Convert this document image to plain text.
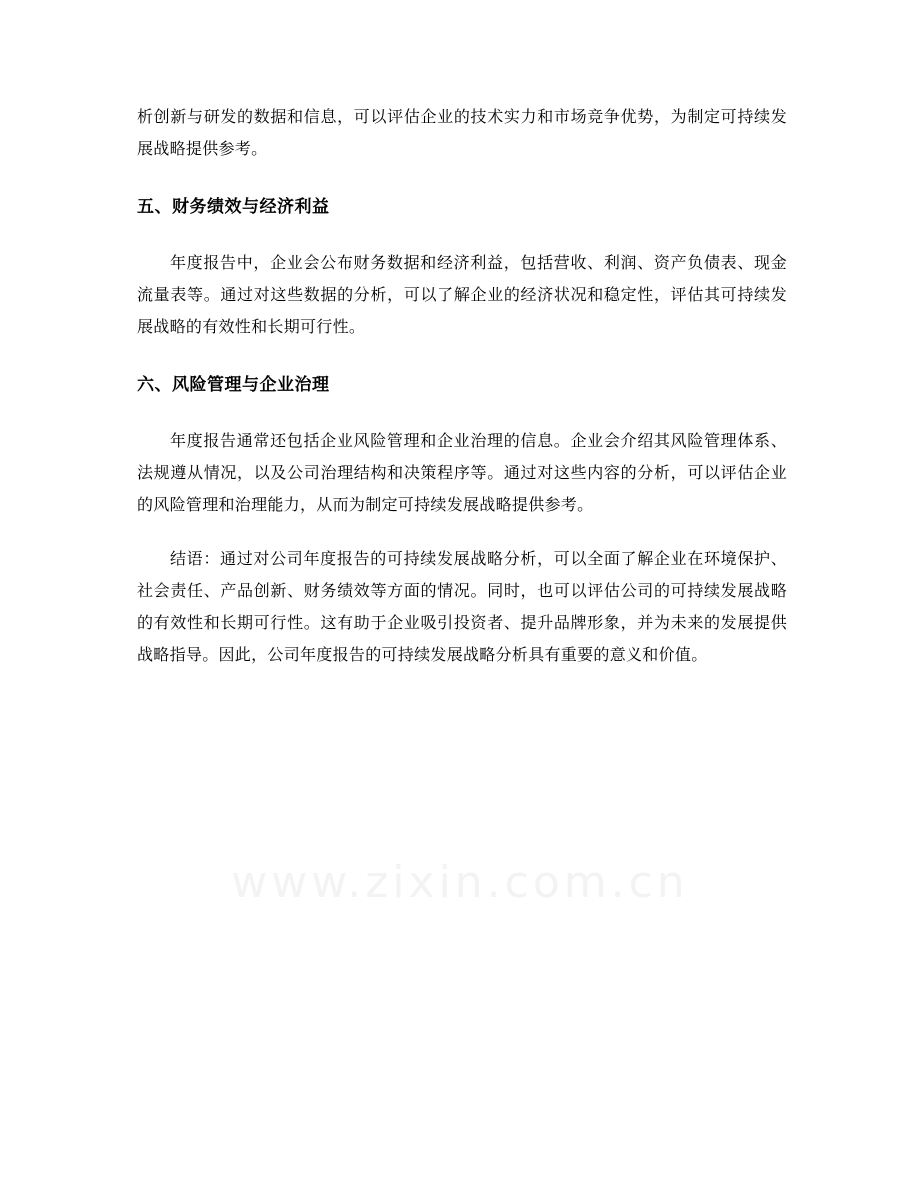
析创新与研发的数据和信息，可以评估企业的技术实力和市场竞争优势，为制定可持续发展战略提供参考。

五、财务绩效与经济利益

年度报告中，企业会公布财务数据和经济利益，包括营收、利润、资产负债表、现金流量表等。通过对这些数据的分析，可以了解企业的经济状况和稳定性，评估其可持续发展战略的有效性和长期可行性。

六、风险管理与企业治理

年度报告通常还包括企业风险管理和企业治理的信息。企业会介绍其风险管理体系、法规遵从情况，以及公司治理结构和决策程序等。通过对这些内容的分析，可以评估企业的风险管理和治理能力，从而为制定可持续发展战略提供参考。

结语：通过对公司年度报告的可持续发展战略分析，可以全面了解企业在环境保护、社会责任、产品创新、财务绩效等方面的情况。同时，也可以评估公司的可持续发展战略的有效性和长期可行性。这有助于企业吸引投资者、提升品牌形象，并为未来的发展提供战略指导。因此，公司年度报告的可持续发展战略分析具有重要的意义和价值。

www.zixin.com.cn
